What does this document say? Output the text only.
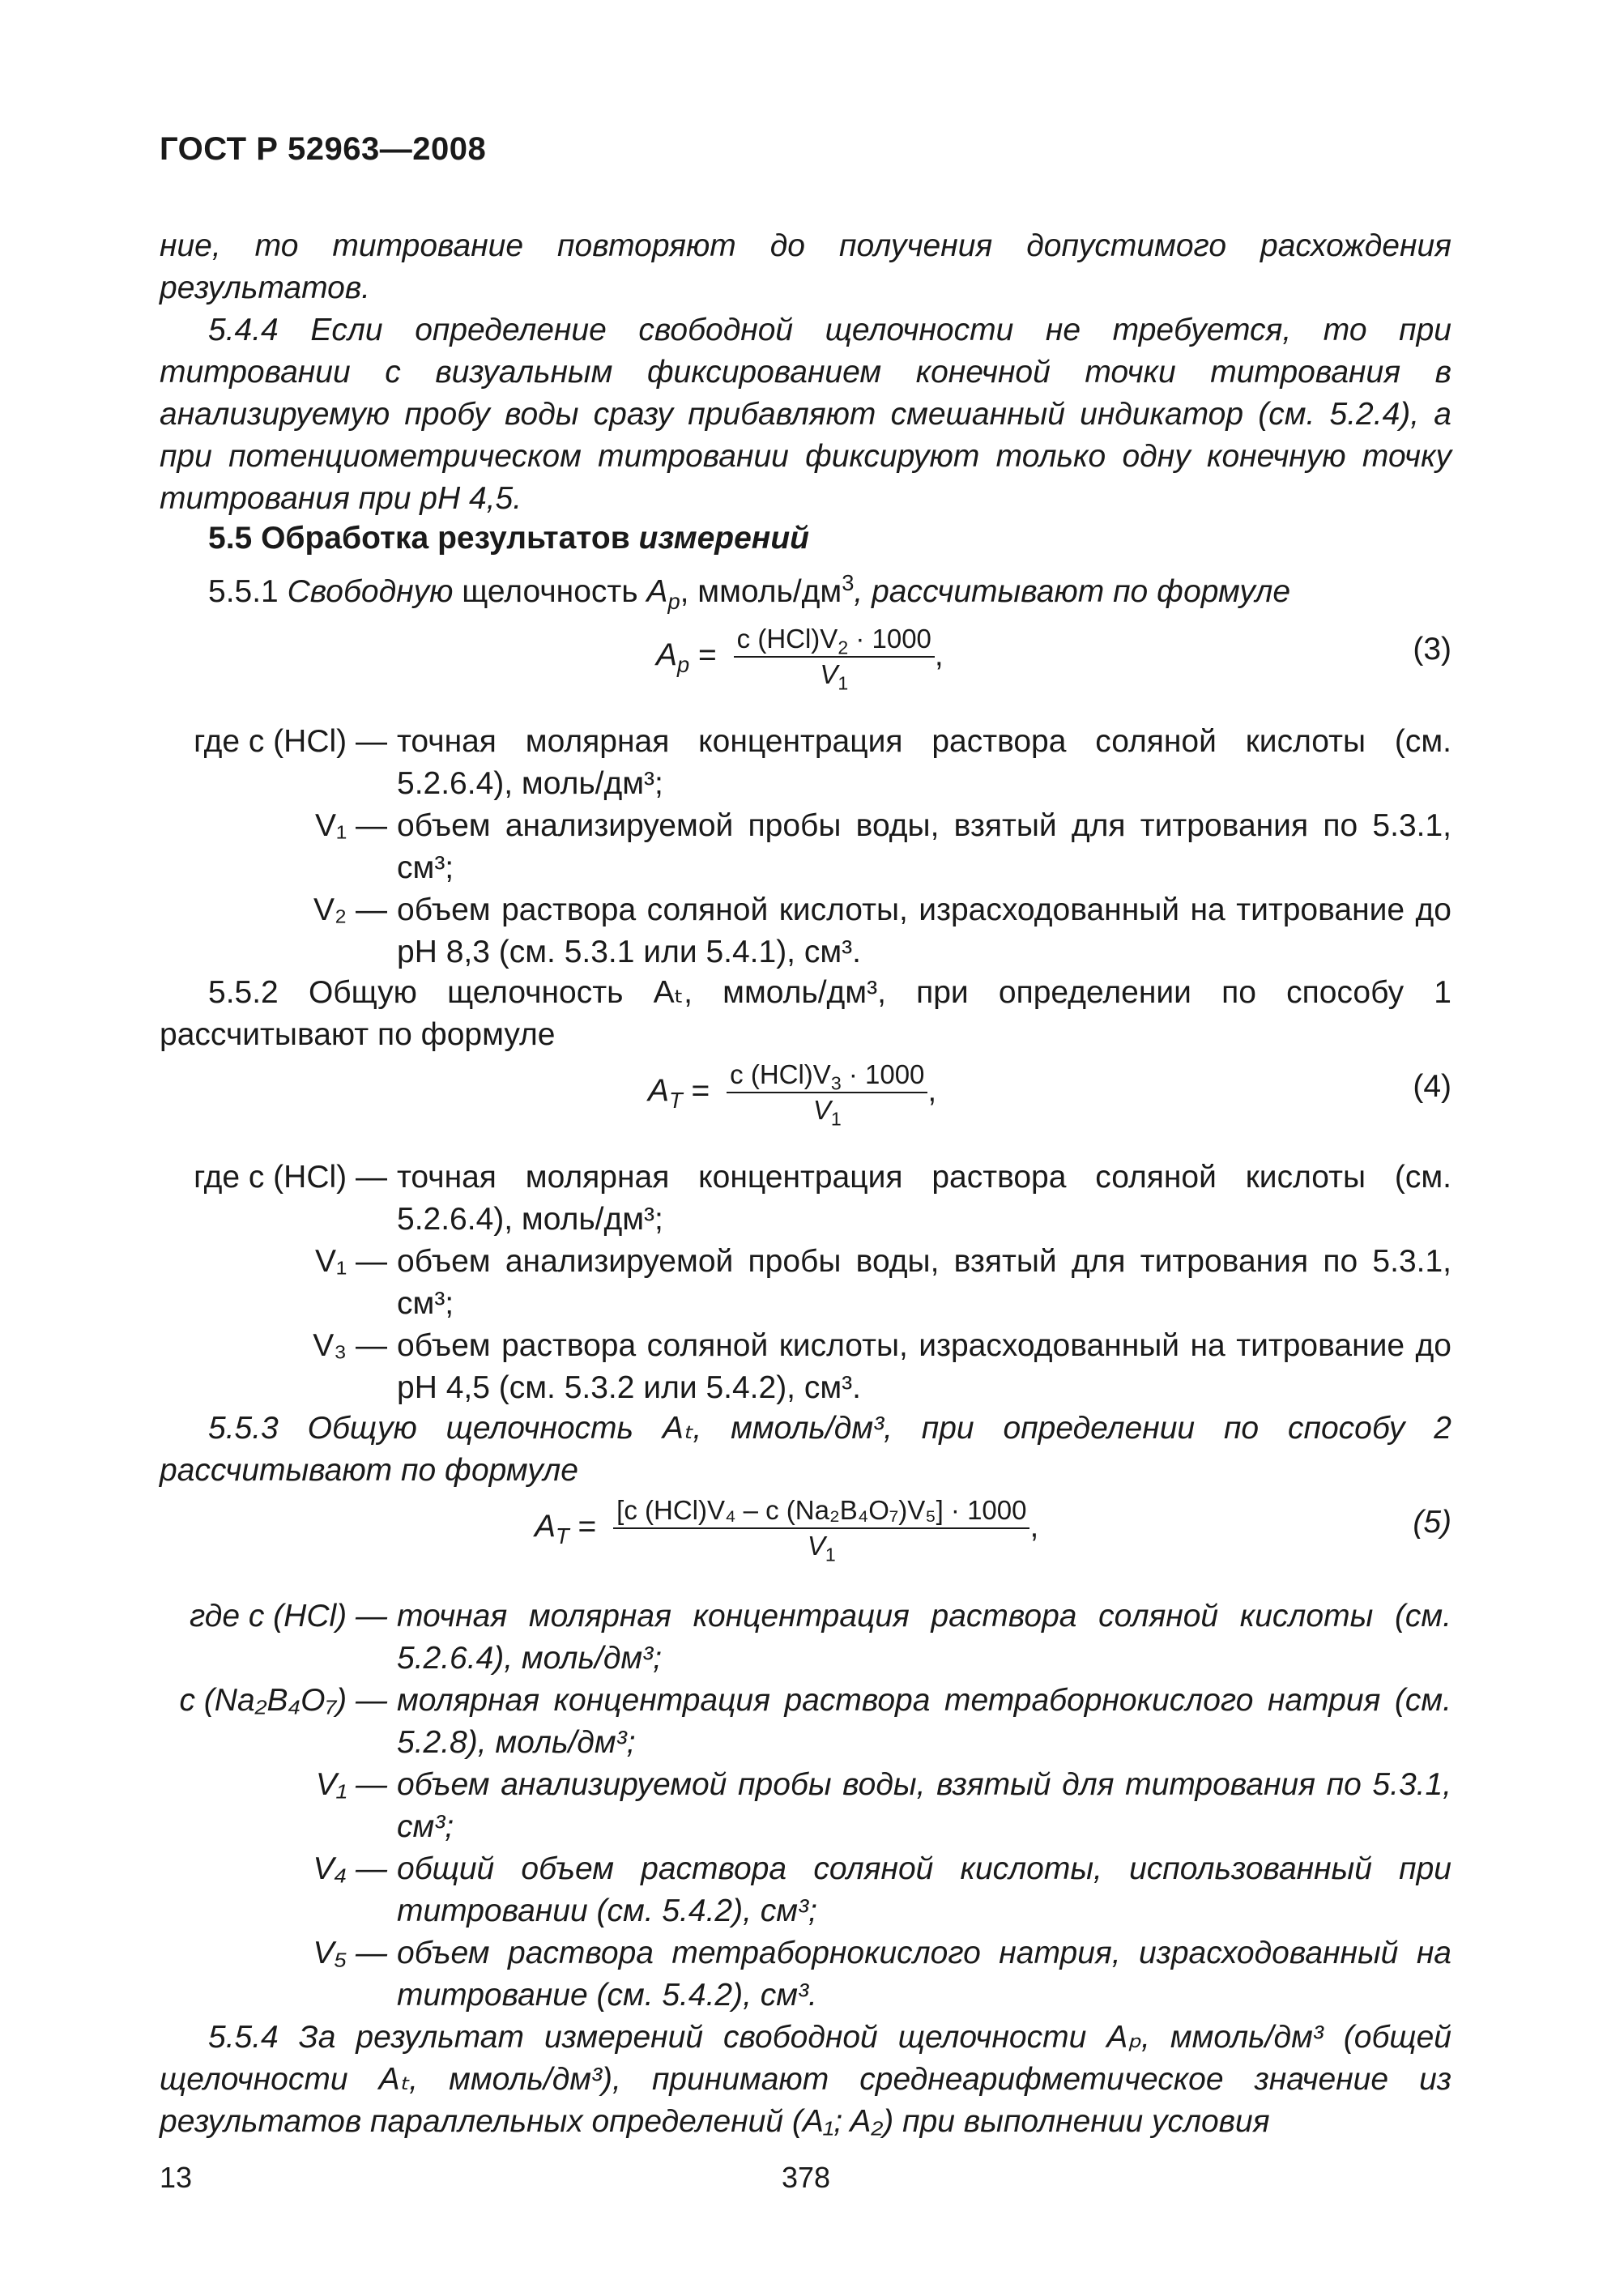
ГОСТ Р 52963—2008
ние, то титрование повторяют до получения допустимого расхождения результатов.
5.4.4 Если определение свободной щелочности не требуется, то при титровании с визуальным фиксированием конечной точки титрования в анализируемую пробу воды сразу прибавляют смешанный индикатор (см. 5.2.4), а при потенциометрическом титровании фиксируют только одну конечную точку титрования при рН 4,5.
5.5 Обработка результатов измерений
5.5.1 Свободную щелочность $A_p$, ммоль/$дм^3$, рассчитывают по формуле
$A_p = \frac{c (HCl)V_2 \cdot 1000}{V_1}$ ,	(3)
где c (HCl) — точная молярная концентрация раствора соляной кислоты (см. 5.2.6.4), моль/дм³;
V₁ — объем анализируемой пробы воды, взятый для титрования по 5.3.1, см³;
V₂ — объем раствора соляной кислоты, израсходованный на титрование до рН 8,3 (см. 5.3.1 или 5.4.1), см³.
5.5.2 Общую щелочность Aₜ, ммоль/дм³, при определении по способу 1 рассчитывают по формуле
$A_T = \frac{c (HCl)V_3 \cdot 1000}{V_1}$ ,	(4)
где c (HCl) — точная молярная концентрация раствора соляной кислоты (см. 5.2.6.4), моль/дм³;
V₁ — объем анализируемой пробы воды, взятый для титрования по 5.3.1, см³;
V₃ — объем раствора соляной кислоты, израсходованный на титрование до рН 4,5 (см. 5.3.2 или 5.4.2), см³.
5.5.3 Общую щелочность Aₜ, ммоль/дм³, при определении по способу 2 рассчитывают по формуле
$A_T = \frac{\text{[c (HCl)V₄ – c (Na₂B₄O₇)V₅] · 1000}}{V_1}$ ,	(5)
где c (HCl) — точная молярная концентрация раствора соляной кислоты (см. 5.2.6.4), моль/дм³;
c (Na₂B₄O₇) — молярная концентрация раствора тетраборнокислого натрия (см. 5.2.8), моль/дм³;
V₁ — объем анализируемой пробы воды, взятый для титрования по 5.3.1, см³;
V₄ — общий объем раствора соляной кислоты, использованный при титровании (см. 5.4.2), см³;
V₅ — объем раствора тетраборнокислого натрия, израсходованный на титрование (см. 5.4.2), см³.
5.5.4 За результат измерений свободной щелочности Aₚ, ммоль/дм³ (общей щелочности Aₜ, ммоль/дм³), принимают среднеарифметическое значение из результатов параллельных определений (A₁; A₂) при выполнении условия
13	378
